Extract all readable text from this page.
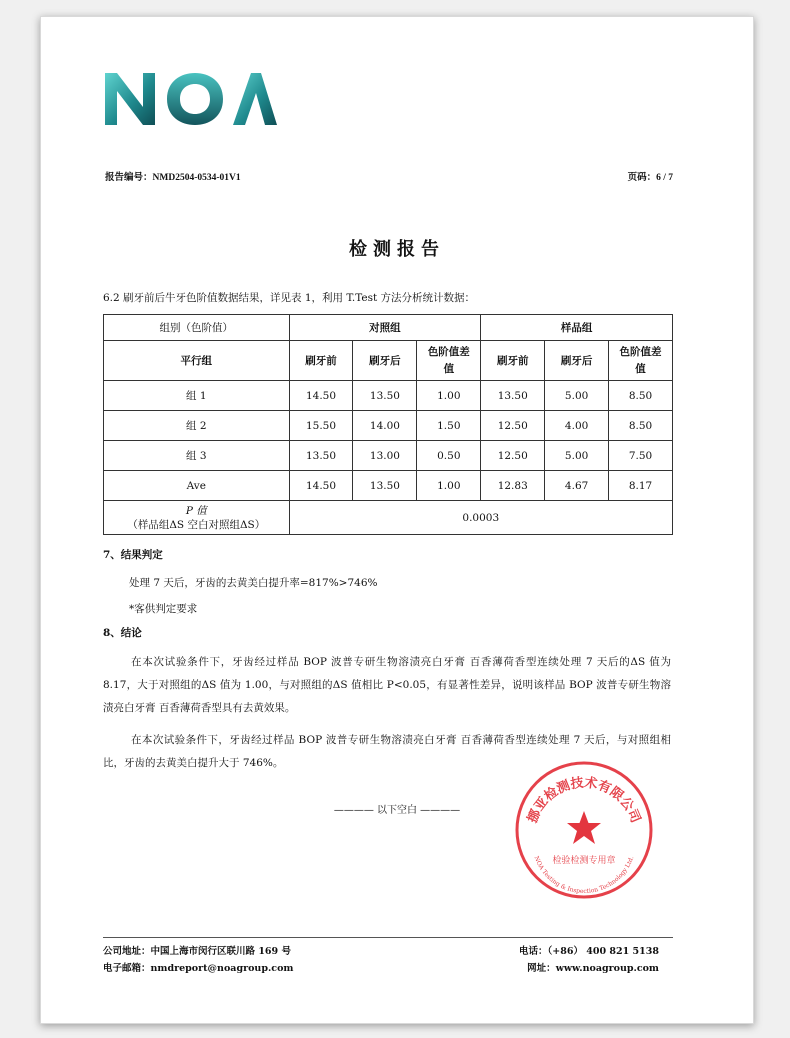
报告编号：NMD2504-0534-01V1	页码：6 / 7
检测报告
6.2 刷牙前后牛牙色阶值数据结果，详见表 1，利用 T.Test 方法分析统计数据：
组别（色阶值）	对照组			样品组		
平行组	刷牙前	刷牙后	色阶值差值	刷牙前	刷牙后	色阶值差值
组 1	14.50	13.50	1.00	13.50	5.00	8.50
组 2	15.50	14.00	1.50	12.50	4.00	8.50
组 3	13.50	13.00	0.50	12.50	5.00	7.50
Ave	14.50	13.50	1.00	12.83	4.67	8.17

P 值
（样品组ΔS 空白对照组ΔS）	0.0003					
7、结果判定
处理 7 天后，牙齿的去黄美白提升率=817%>746%
*客供判定要求
8、结论
在本次试验条件下，牙齿经过样品 BOP 波普专研生物溶渍亮白牙膏 百香薄荷香型连续处理 7 天后的ΔS 值为 8.17，大于对照组的ΔS 值为 1.00，与对照组的ΔS 值相比 P<0.05，有显著性差异，说明该样品 BOP 波普专研生物溶渍亮白牙膏 百香薄荷香型具有去黄效果。
在本次试验条件下，牙齿经过样品 BOP 波普专研生物溶渍亮白牙膏 百香薄荷香型连续处理 7 天后，与对照组相比，牙齿的去黄美白提升大于 746%。
———— 以下空白 ————	挪亚检测技术有限公司
检验检测专用章
NOA Testing & Inspection Technology Ltd.
公司地址：中国上海市闵行区联川路 169 号
电子邮箱：nmdreport@noagroup.com
电话：（+86） 400 821 5138
网址：www.noagroup.com
